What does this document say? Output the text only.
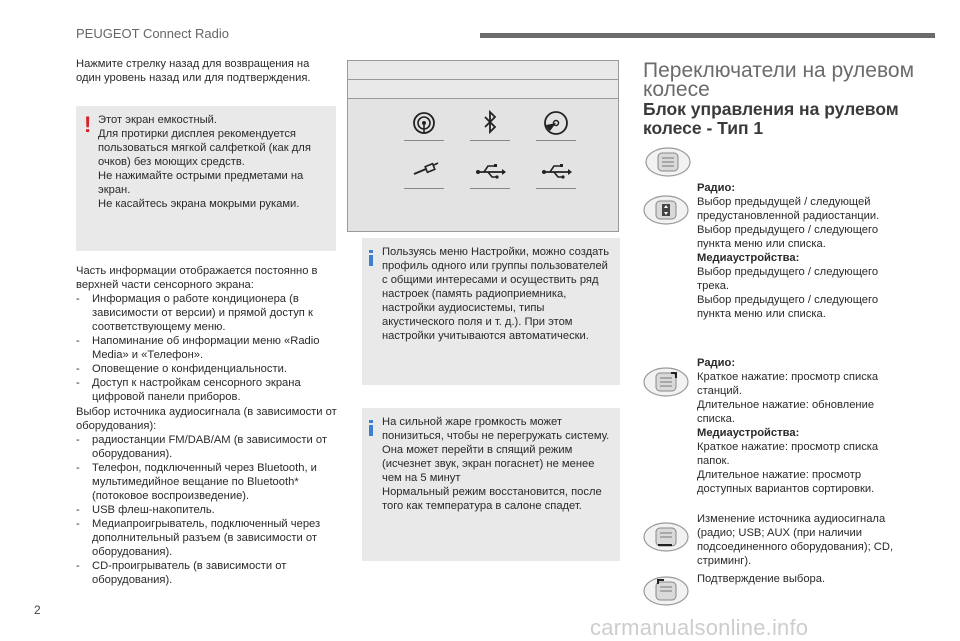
PEUGEOT Connect Radio

Нажмите стрелку назад для возвращения на один уровень назад или для подтверждения.

! Этот экран емкостный.
Для протирки дисплея рекомендуется
пользоваться мягкой салфеткой (как для
очков) без моющих средств.
Не нажимайте острыми предметами на
экран.
Не касайтесь экрана мокрыми руками.
Часть информации отображается постоянно в верхней части сенсорного экрана:
- Информация о работе кондиционера (в зависимости от версии) и прямой доступ к соответствующему меню.
- Напоминание об информации меню «Radio Media» и «Телефон».
- Оповещение о конфиденциальности.
- Доступ к настройкам сенсорного экрана цифровой панели приборов.
Выбор источника аудиосигнала (в зависимости от оборудования):
- радиостанции FM/DAB/AM (в зависимости от оборудования).
- Телефон, подключенный через Bluetooth, и мультимедийное вещание по Bluetooth* (потоковое воспроизведение).
- USB флеш-накопитель.
- Медиапроигрыватель, подключенный через дополнительный разъем (в зависимости от оборудования).
- CD-проигрыватель (в зависимости от оборудования).

Пользуясь меню Настройки, можно создать профиль одного или группы пользователей с общими интересами и осуществить ряд настроек (память радиоприемника, настройки аудиосистемы, типы акустического поля и т. д.). При этом настройки учитываются автоматически.

На сильной жаре громкость может понизиться, чтобы не перегружать систему. Она может перейти в спящий режим (исчезнет звук, экран погаснет) не менее чем на 5 минут
Нормальный режим восстановится, после того как температура в салоне спадет.

Переключатели на рулевом колесе
Блок управления на рулевом колесе - Тип 1
Радио:
Выбор предыдущей / следующей предустановленной радиостанции.
Выбор предыдущего / следующего пункта меню или списка.
Медиаустройства:
Выбор предыдущего / следующего трека.
Выбор предыдущего / следующего пункта меню или списка.
Радио:
Краткое нажатие: просмотр списка станций.
Длительное нажатие: обновление списка.
Медиаустройства:
Краткое нажатие: просмотр списка папок.
Длительное нажатие: просмотр доступных вариантов сортировки.
Изменение источника аудиосигнала (радио; USB; AUX (при наличии подсоединенного оборудования); CD, стриминг).
Подтверждение выбора.
2
carmanualsonline.info
